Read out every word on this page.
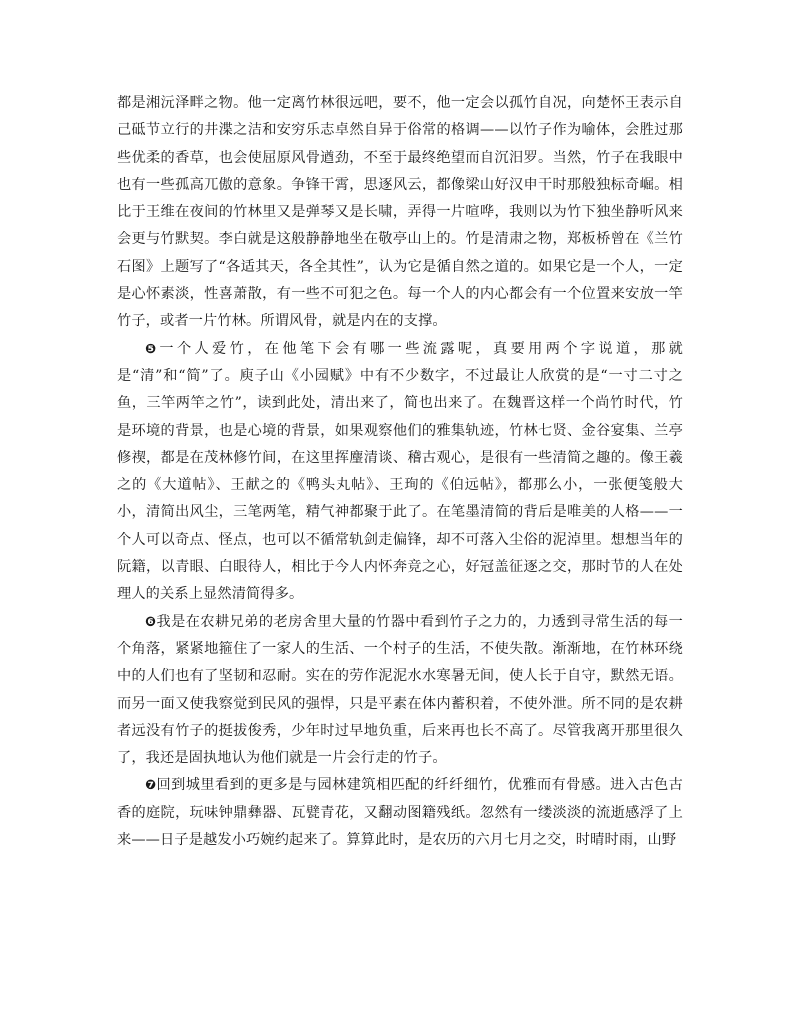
都是湘沅泽畔之物。他一定离竹林很远吧，要不，他一定会以孤竹自况，向楚怀王表示自己砥节立行的井渫之洁和安穷乐志卓然自异于俗常的格调——以竹子作为喻体，会胜过那些优柔的香草，也会使屈原风骨遒劲，不至于最终绝望而自沉汨罗。当然，竹子在我眼中也有一些孤高兀傲的意象。争锋干霄，思逐风云，都像梁山好汉申干时那般独标奇崛。相比于王维在夜间的竹林里又是弹琴又是长啸，弄得一片喧哗，我则以为竹下独坐静听风来会更与竹默契。李白就是这般静静地坐在敬亭山上的。竹是清肃之物，郑板桥曾在《兰竹石图》上题写了“各适其天，各全其性”，认为它是循自然之道的。如果它是一个人，一定是心怀素淡，性喜萧散，有一些不可犯之色。每一个人的内心都会有一个位置来安放一竿竹子，或者一片竹林。所谓风骨，就是内在的支撑。

❺一个人爱竹，在他笔下会有哪一些流露呢，真要用两个字说道，那就是“清”和“简”了。庾子山《小园赋》中有不少数字，不过最让人欣赏的是“一寸二寸之鱼，三竿两竿之竹”，读到此处，清出来了，简也出来了。在魏晋这样一个尚竹时代，竹是环境的背景，也是心境的背景，如果观察他们的雅集轨迹，竹林七贤、金谷宴集、兰亭修禊，都是在茂林修竹间，在这里挥麈清谈、稽古观心，是很有一些清简之趣的。像王羲之的《大道帖》、王献之的《鸭头丸帖》、王珣的《伯远帖》，都那么小，一张便笺般大小，清简出风尘，三笔两笔，精气神都聚于此了。在笔墨清简的背后是唯美的人格——一个人可以奇点、怪点，也可以不循常轨剑走偏锋，却不可落入尘俗的泥淖里。想想当年的阮籍，以青眼、白眼待人，相比于今人内怀奔竞之心，好冠盖征逐之交，那时节的人在处理人的关系上显然清简得多。

❻我是在农耕兄弟的老房舍里大量的竹器中看到竹子之力的，力透到寻常生活的每一个角落，紧紧地箍住了一家人的生活、一个村子的生活，不使失散。渐渐地，在竹林环绕中的人们也有了坚韧和忍耐。实在的劳作泥泥水水寒暑无间，使人长于自守，默然无语。而另一面又使我察觉到民风的强悍，只是平素在体内蓄积着，不使外泄。所不同的是农耕者远没有竹子的挺拔俊秀，少年时过早地负重，后来再也长不高了。尽管我离开那里很久了，我还是固执地认为他们就是一片会行走的竹子。

❼回到城里看到的更多是与园林建筑相匹配的纤纤细竹，优雅而有骨感。进入古色古香的庭院，玩味钟鼎彝器、瓦甓青花，又翻动图籍残纸。忽然有一缕淡淡的流逝感浮了上来——日子是越发小巧婉约起来了。算算此时，是农历的六月七月之交，时晴时雨，山野
